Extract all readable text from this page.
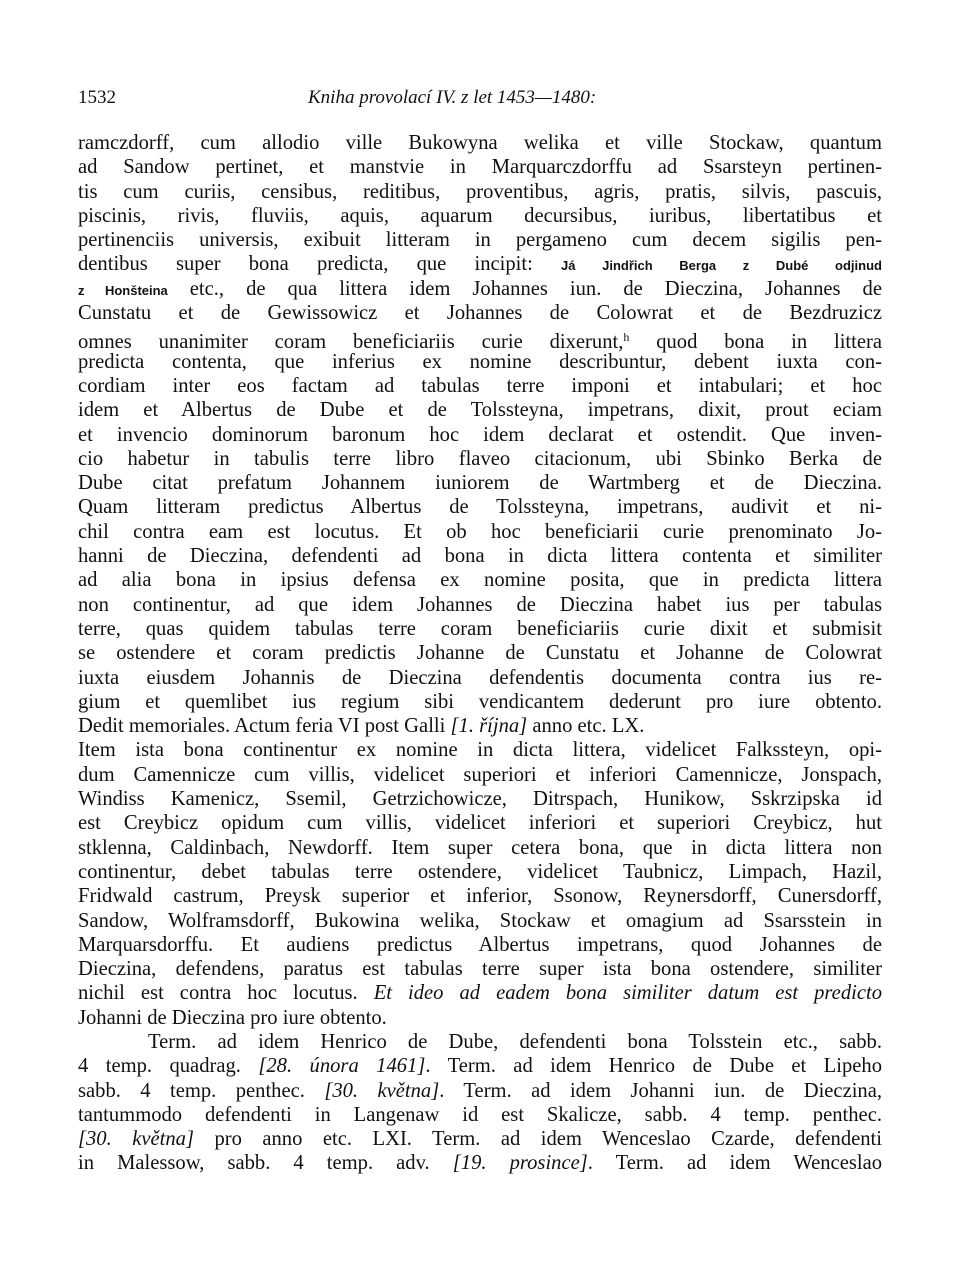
1532	Kniha provolací IV. z let 1453—1480:
ramczdorff, cum allodio ville Bukowyna welika et ville Stockaw, quantum
ad Sandow pertinet, et manstvie in Marquarczdorffu ad Ssarsteyn pertinen-
tis cum curiis, censibus, reditibus, proventibus, agris, pratis, silvis, pascuis,
piscinis, rivis, fluviis, aquis, aquarum decursibus, iuribus, libertatibus et
pertinenciis universis, exibuit litteram in pergameno cum decem sigilis pen-
dentibus super bona predicta, que incipit: Já Jindřich Berga z Dubé odjinud
z Honšteina etc., de qua littera idem Johannes iun. de Dieczina, Johannes de
Cunstatu et de Gewissowicz et Johannes de Colowrat et de Bezdruzicz
omnes unanimiter coram beneficiariis curie dixerunt,$^h$ quod bona in littera
predicta contenta, que inferius ex nomine describuntur, debent iuxta con-
cordiam inter eos factam ad tabulas terre imponi et intabulari; et hoc
idem et Albertus de Dube et de Tolssteyna, impetrans, dixit, prout eciam
et invencio dominorum baronum hoc idem declarat et ostendit. Que inven-
cio habetur in tabulis terre libro flaveo citacionum, ubi Sbinko Berka de
Dube citat prefatum Johannem iuniorem de Wartmberg et de Dieczina.
Quam litteram predictus Albertus de Tolssteyna, impetrans, audivit et ni-
chil contra eam est locutus. Et ob hoc beneficiarii curie prenominato Jo-
hanni de Dieczina, defendenti ad bona in dicta littera contenta et similiter
ad alia bona in ipsius defensa ex nomine posita, que in predicta littera
non continentur, ad que idem Johannes de Dieczina habet ius per tabulas
terre, quas quidem tabulas terre coram beneficiariis curie dixit et submisit
se ostendere et coram predictis Johanne de Cunstatu et Johanne de Colowrat
iuxta eiusdem Johannis de Dieczina defendentis documenta contra ius re-
gium et quemlibet ius regium sibi vendicantem dederunt pro iure obtento.
Dedit memoriales. Actum feria VI post Galli [1. října] anno etc. LX.
Item ista bona continentur ex nomine in dicta littera, videlicet Falkssteyn, opi-
dum Camennicze cum villis, videlicet superiori et inferiori Camennicze, Jonspach,
Windiss Kamenicz, Ssemil, Getrzichowicze, Ditrspach, Hunikow, Sskrzipska id
est Creybicz opidum cum villis, videlicet inferiori et superiori Creybicz, hut
stklenna, Caldinbach, Newdorff. Item super cetera bona, que in dicta littera non
continentur, debet tabulas terre ostendere, videlicet Taubnicz, Limpach, Hazil,
Fridwald castrum, Preysk superior et inferior, Ssonow, Reynersdorff, Cunersdorff,
Sandow, Wolframsdorff, Bukowina welika, Stockaw et omagium ad Ssarsstein in
Marquarsdorffu. Et audiens predictus Albertus impetrans, quod Johannes de
Dieczina, defendens, paratus est tabulas terre super ista bona ostendere, similiter
nichil est contra hoc locutus. Et ideo ad eadem bona similiter datum est predicto
Johanni de Dieczina pro iure obtento.
Term. ad idem Henrico de Dube, defendenti bona Tolsstein etc., sabb.
4 temp. quadrag. [28. února 1461]. Term. ad idem Henrico de Dube et Lipeho
sabb. 4 temp. penthec. [30. května]. Term. ad idem Johanni iun. de Dieczina,
tantummodo defendenti in Langenaw id est Skalicze, sabb. 4 temp. penthec.
[30. května] pro anno etc. LXI. Term. ad idem Wenceslao Czarde, defendenti
in Malessow, sabb. 4 temp. adv. [19. prosince]. Term. ad idem Wenceslao
